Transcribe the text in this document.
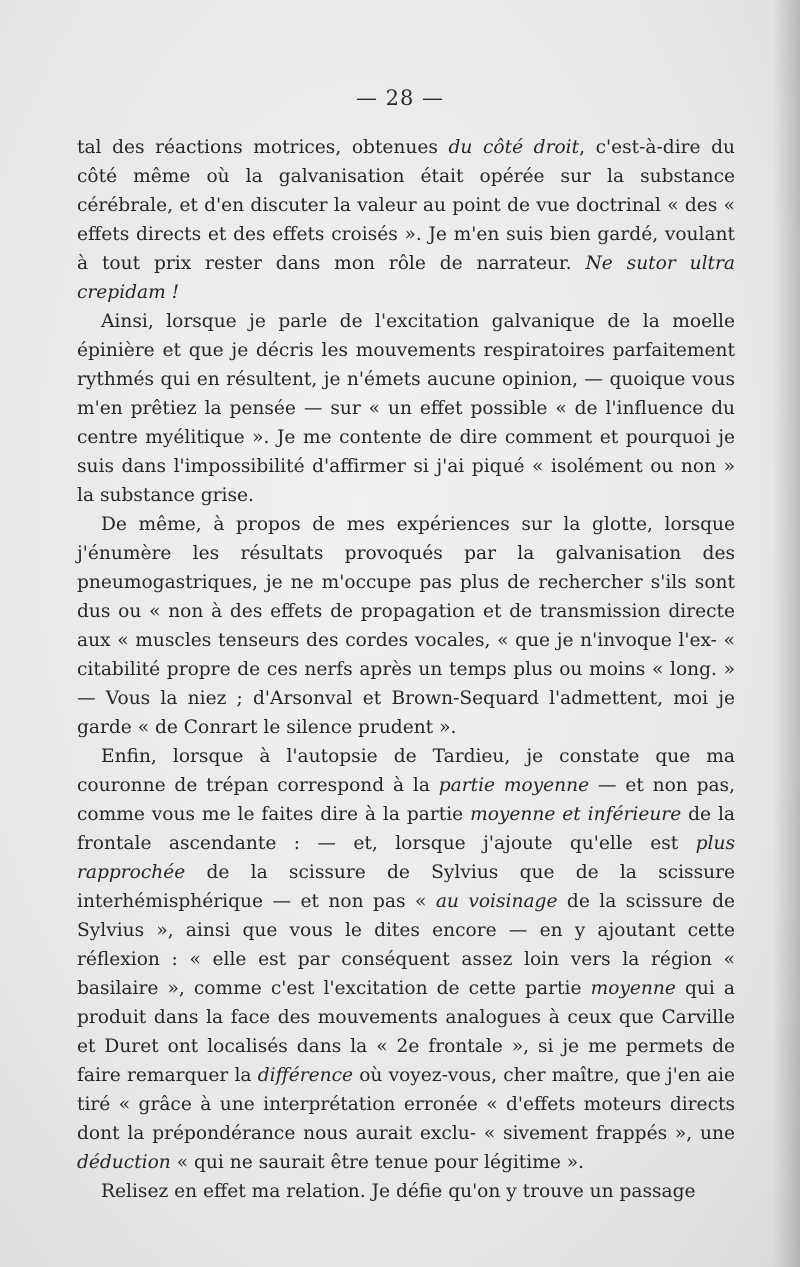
— 28 —

tal des réactions motrices, obtenues du côté droit, c'est-à-dire du côté même où la galvanisation était opérée sur la substance cérébrale, et d'en discuter la valeur au point de vue doctrinal « des « effets directs et des effets croisés ». Je m'en suis bien gardé, voulant à tout prix rester dans mon rôle de narrateur. Ne sutor ultra crepidam !

Ainsi, lorsque je parle de l'excitation galvanique de la moelle épinière et que je décris les mouvements respiratoires parfaitement rythmés qui en résultent, je n'émets aucune opinion, — quoique vous m'en prêtiez la pensée — sur « un effet possible « de l'influence du centre myélitique ». Je me contente de dire comment et pourquoi je suis dans l'impossibilité d'affirmer si j'ai piqué « isolément ou non » la substance grise.

De même, à propos de mes expériences sur la glotte, lorsque j'énumère les résultats provoqués par la galvanisation des pneumogastriques, je ne m'occupe pas plus de rechercher s'ils sont dus ou « non à des effets de propagation et de transmission directe aux « muscles tenseurs des cordes vocales, « que je n'invoque l'ex- « citabilité propre de ces nerfs après un temps plus ou moins « long. » — Vous la niez ; d'Arsonval et Brown-Sequard l'admettent, moi je garde « de Conrart le silence prudent ».

Enfin, lorsque à l'autopsie de Tardieu, je constate que ma couronne de trépan correspond à la partie moyenne — et non pas, comme vous me le faites dire à la partie moyenne et inférieure de la frontale ascendante : — et, lorsque j'ajoute qu'elle est plus rapprochée de la scissure de Sylvius que de la scissure interhémisphérique — et non pas « au voisinage de la scissure de Sylvius », ainsi que vous le dites encore — en y ajoutant cette réflexion : « elle est par conséquent assez loin vers la région « basilaire », comme c'est l'excitation de cette partie moyenne qui a produit dans la face des mouvements analogues à ceux que Carville et Duret ont localisés dans la « 2e frontale », si je me permets de faire remarquer la différence où voyez-vous, cher maître, que j'en aie tiré « grâce à une interprétation erronée « d'effets moteurs directs dont la prépondérance nous aurait exclu- « sivement frappés », une déduction « qui ne saurait être tenue pour légitime ».

Relisez en effet ma relation. Je défie qu'on y trouve un passage
